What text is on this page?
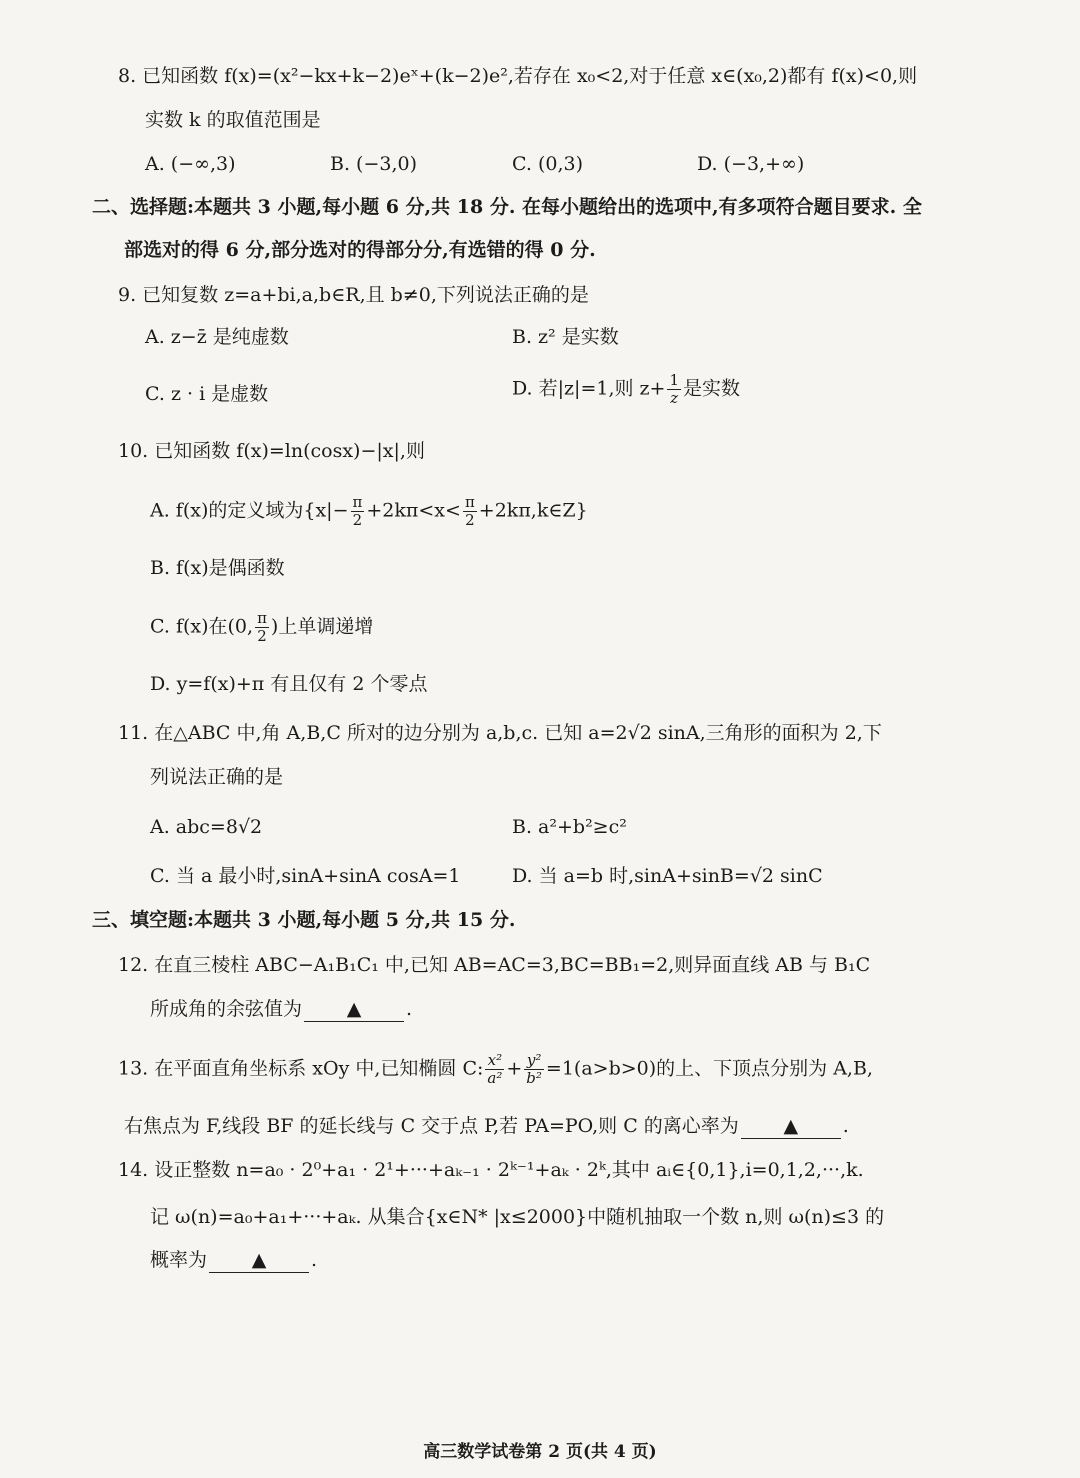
8. 已知函数 f(x)=(x²−kx+k−2)eˣ+(k−2)e²,若存在 x₀<2,对于任意 x∈(x₀,2)都有 f(x)<0,则
实数 k 的取值范围是
A. (−∞,3)	B. (−3,0)	C. (0,3)	D. (−3,+∞)
二、选择题:本题共 3 小题,每小题 6 分,共 18 分. 在每小题给出的选项中,有多项符合题目要求. 全
部选对的得 6 分,部分选对的得部分分,有选错的得 0 分.
9. 已知复数 z=a+bi,a,b∈R,且 b≠0,下列说法正确的是
A. z−z̄ 是纯虚数	B. z² 是实数
C. z · i 是虚数	D. 若|z|=1,则 $z+ \frac{1}{z}$ 是实数
10. 已知函数 f(x)=ln(cosx)−|x|,则
A. f(x)的定义域为{$x|- \frac{\pi}{2} +2k\pi<x< \frac{\pi}{2}$ +2kπ,k∈Z}
B. f(x)是偶函数
C. f(x)在(0, $\frac{\pi}{2}$ )上单调递增
D. y=f(x)+π 有且仅有 2 个零点
11. 在△ABC 中,角 A,B,C 所对的边分别为 a,b,c. 已知 a=2√2 sinA,三角形的面积为 2,下
列说法正确的是
A. abc=8√2	B. a²+b²≥c²
C. 当 a 最小时,sinA+sinA cosA=1	D. 当 a=b 时,sinA+sinB=√2 sinC
三、填空题:本题共 3 小题,每小题 5 分,共 15 分.
12. 在直三棱柱 ABC−A₁B₁C₁ 中,已知 AB=AC=3,BC=BB₁=2,则异面直线 AB 与 B₁C
所成角的余弦值为 ▲ .
13. 在平面直角坐标系 xOy 中,已知椭圆 C: $\frac{\text{x²}}{\text{a²}} + \frac{\text{y²}}{\text{b²}} =1(a>b>0)$的上、下顶点分别为 A,B,
右焦点为 F,线段 BF 的延长线与 C 交于点 P,若 PA=PO,则 C 的离心率为 ▲ .
14. 设正整数 n=a₀ · 2⁰+a₁ · 2¹+···+aₖ₋₁ · 2ᵏ⁻¹+aₖ · 2ᵏ,其中 aᵢ∈{0,1},i=0,1,2,···,k.
记 ω(n)=a₀+a₁+···+aₖ. 从集合{x∈N* |x≤2000}中随机抽取一个数 n,则 ω(n)≤3 的
概率为 ▲ .
高三数学试卷第 2 页(共 4 页)
